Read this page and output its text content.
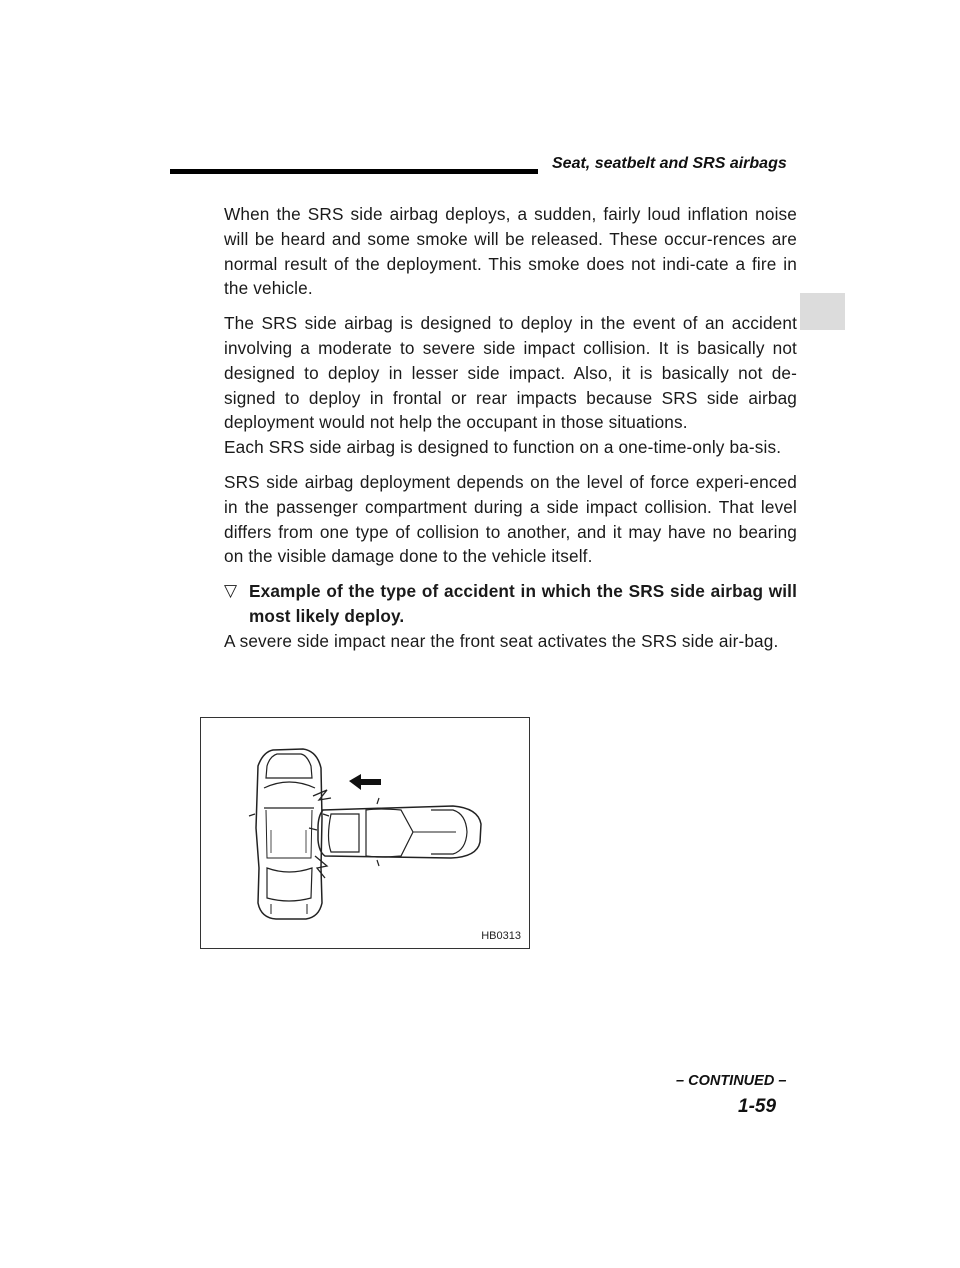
Seat, seatbelt and SRS airbags

When the SRS side airbag deploys, a sudden, fairly loud inflation noise will be heard and some smoke will be released. These occur-rences are normal result of the deployment. This smoke does not indi-cate a fire in the vehicle.

The SRS side airbag is designed to deploy in the event of an accident involving a moderate to severe side impact collision. It is basically not designed to deploy in lesser side impact. Also, it is basically not de-signed to deploy in frontal or rear impacts because SRS side airbag deployment would not help the occupant in those situations.

Each SRS side airbag is designed to function on a one-time-only ba-sis.

SRS side airbag deployment depends on the level of force experi-enced in the passenger compartment during a side impact collision. That level differs from one type of collision to another, and it may have no bearing on the visible damage done to the vehicle itself.

▽ Example of the type of accident in which the SRS side airbag will most likely deploy.

A severe side impact near the front seat activates the SRS side air-bag.

HB0313
– CONTINUED –
1-59
